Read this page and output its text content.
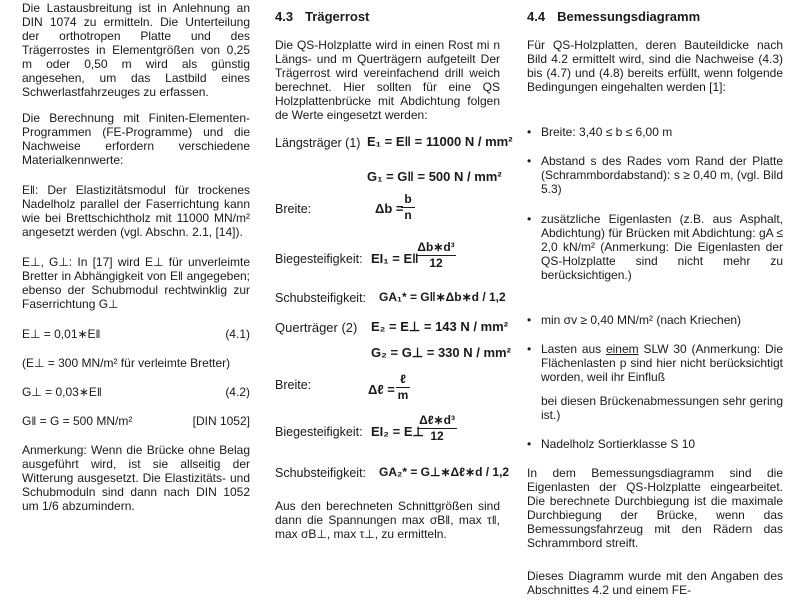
Die Lastausbreitung ist in Anlehnung an DIN 1074 zu ermitteln. Die Unterteilung der orthotropen Platte und des Trägerrostes in Elementgrößen von 0,25 m oder 0,50 m wird als günstig angesehen, um das Lastbild eines Schwerlastfahrzeuges zu erfassen.

Die Berechnung mit Finiten-Elementen-Programmen (FE-Programme) und die Nachweise erfordern verschiedene Materialkennwerte:

E‖: Der Elastizitätsmodul für trockenes Nadelholz parallel der Faserrichtung kann wie bei Brettschichtholz mit 11000 MN/m² angesetzt werden (vgl. Abschn. 2.1, [14]).

E⊥, G⊥: In [17] wird E⊥ für unverleimte Bretter in Abhängigkeit von E‖ angegeben; ebenso der Schubmodul rechtwinklig zur Faserrichtung G⊥

E⊥ = 0,01∗E‖	(4.1)

(E⊥ = 300 MN/m² für verleimte Bretter)

G⊥ = 0,03∗E‖	(4.2)
G‖ = G = 500 MN/m²	[DIN 1052]

Anmerkung: Wenn die Brücke ohne Belag ausgeführt wird, ist sie allseitig der Witterung ausgesetzt. Die Elastizitäts- und Schubmoduln sind dann nach DIN 1052 um 1/6 abzumindern.

4.3 Trägerrost

Die QS-Holzplatte wird in einen Rost mi n Längs- und m Querträgern aufgeteilt Der Trägerrost wird vereinfachend drill weich berechnet. Hier sollten für eine QS Holzplattenbrücke mit Abdichtung folgen de Werte eingesetzt werden:

Längsträger (1) E₁ = E‖ = 11000 N / mm²
G₁ = G‖ = 500 N / mm²
Breite:	Δb =
b
n
Biegesteifigkeit: EI₁ = E‖
Δb∗d³
12
Schubsteifigkeit: GA₁* = G‖∗Δb∗d / 1,2
Querträger (2) E₂ = E⊥ = 143 N / mm²
G₂ = G⊥ = 330 N / mm²
Breite:	Δℓ =
ℓ
m
Biegesteifigkeit: EI₂ = E⊥
Δℓ∗d³
12
Schubsteifigkeit: GA₂* = G⊥∗Δℓ∗d / 1,2

Aus den berechneten Schnittgrößen sind dann die Spannungen max σB‖, max τ‖, max σB⊥, max τ⊥, zu ermitteln.

4.4 Bemessungsdiagramm

Für QS-Holzplatten, deren Bauteildicke nach Bild 4.2 ermittelt wird, sind die Nachweise (4.3) bis (4.7) und (4.8) bereits erfüllt, wenn folgende Bedingungen eingehalten werden [1]:

• Breite: 3,40 ≤ b ≤ 6,00 m
• Abstand s des Rades vom Rand der Platte (Schrammbordabstand): s ≥ 0,40 m, (vgl. Bild 5.3)
• zusätzliche Eigenlasten (z.B. aus Asphalt, Abdichtung) für Brücken mit Abdichtung: gA ≤ 2,0 kN/m² (Anmerkung: Die Eigenlasten der QS-Holzplatte sind nicht mehr zu berücksichtigen.)
• min σv ≥ 0,40 MN/m² (nach Kriechen)
• Lasten aus einem SLW 30 (Anmerkung: Die Flächenlasten p sind hier nicht berücksichtigt worden, weil ihr Einfluß
bei diesen Brückenabmessungen sehr gering ist.)
• Nadelholz Sortierklasse S 10

In dem Bemessungsdiagramm sind die Eigenlasten der QS-Holzplatte eingearbeitet. Die berechnete Durchbiegung ist die maximale Durchbiegung der Brücke, wenn das Bemessungsfahrzeug mit den Rädern das Schrammbord streift.

Dieses Diagramm wurde mit den Angaben des Abschnittes 4.2 und einem FE-
